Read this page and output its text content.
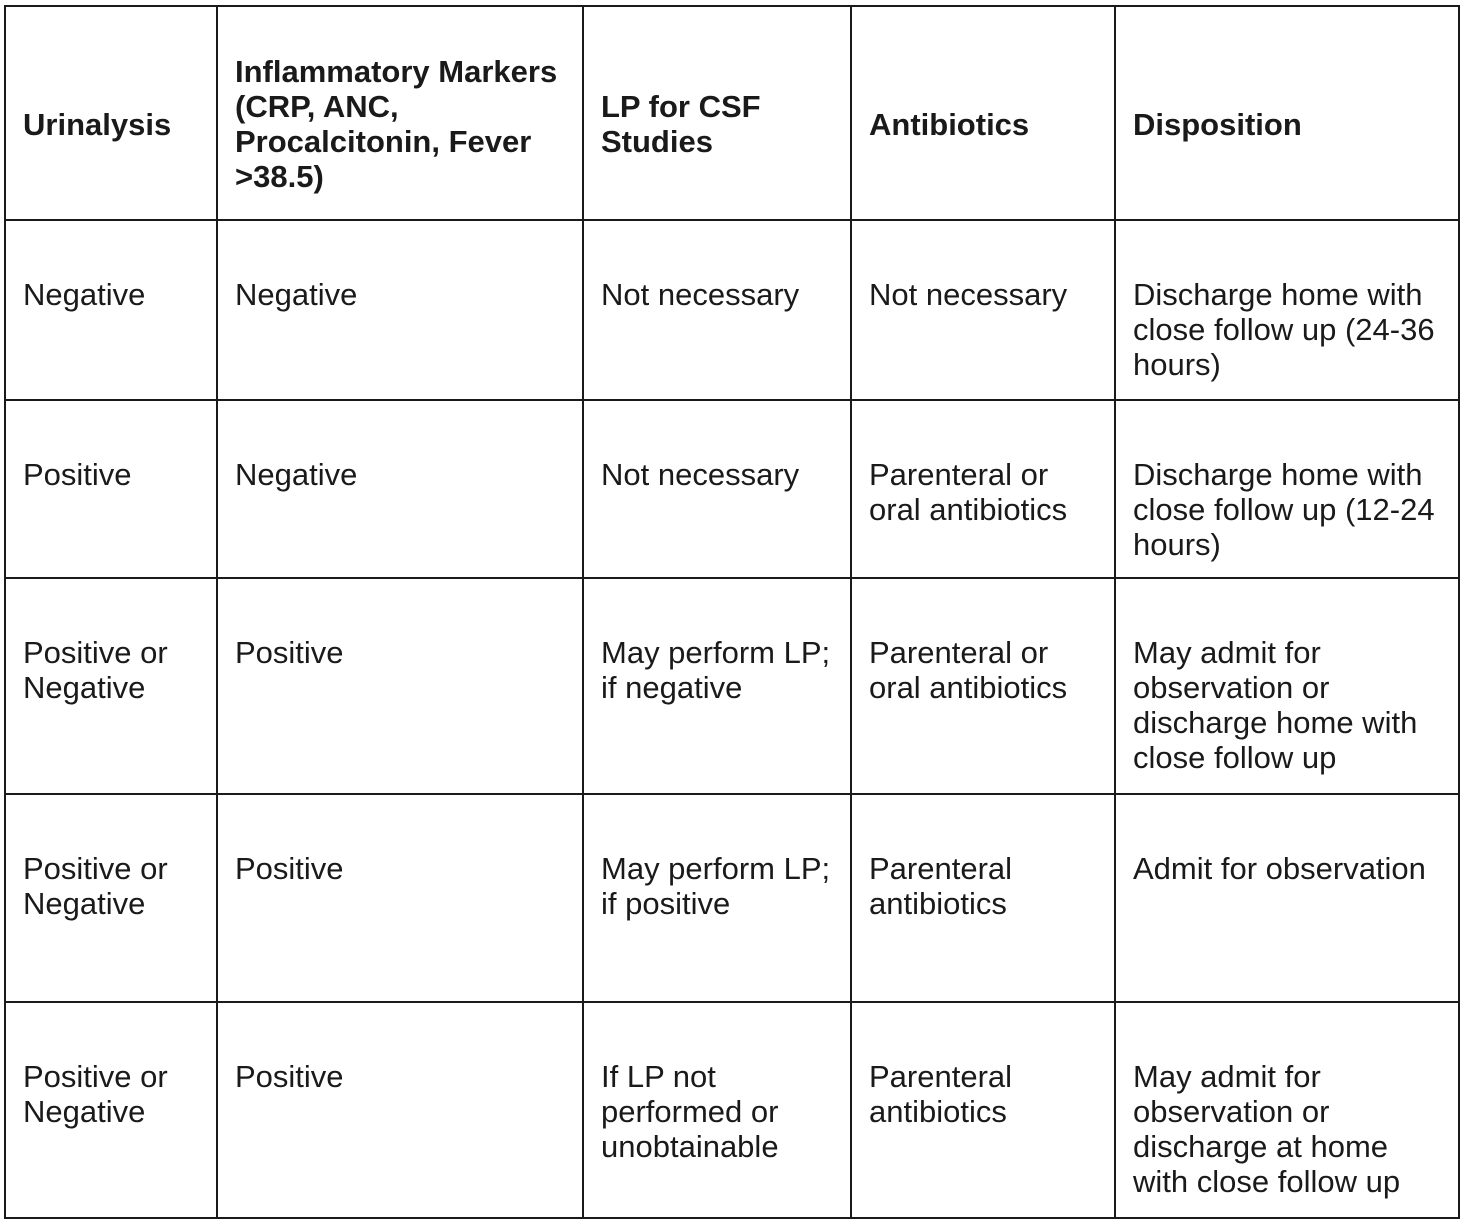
Urinalysis	Inflammatory Markers (CRP, ANC, Procalcitonin, Fever >38.5)	LP for CSF Studies	Antibiotics	Disposition

Negative	Negative	Not necessary	Not necessary	Discharge home with close follow up (24-36 hours)
Positive	Negative	Not necessary	Parenteral or oral antibiotics	Discharge home with close follow up (12-24 hours)
Positive or Negative	Positive	May perform LP; if negative	Parenteral or oral antibiotics	May admit for observation or discharge home with close follow up
Positive or Negative	Positive	May perform LP; if positive	Parenteral antibiotics	Admit for observation
Positive or Negative	Positive	If LP not performed or unobtainable	Parenteral antibiotics	May admit for observation or discharge at home with close follow up
